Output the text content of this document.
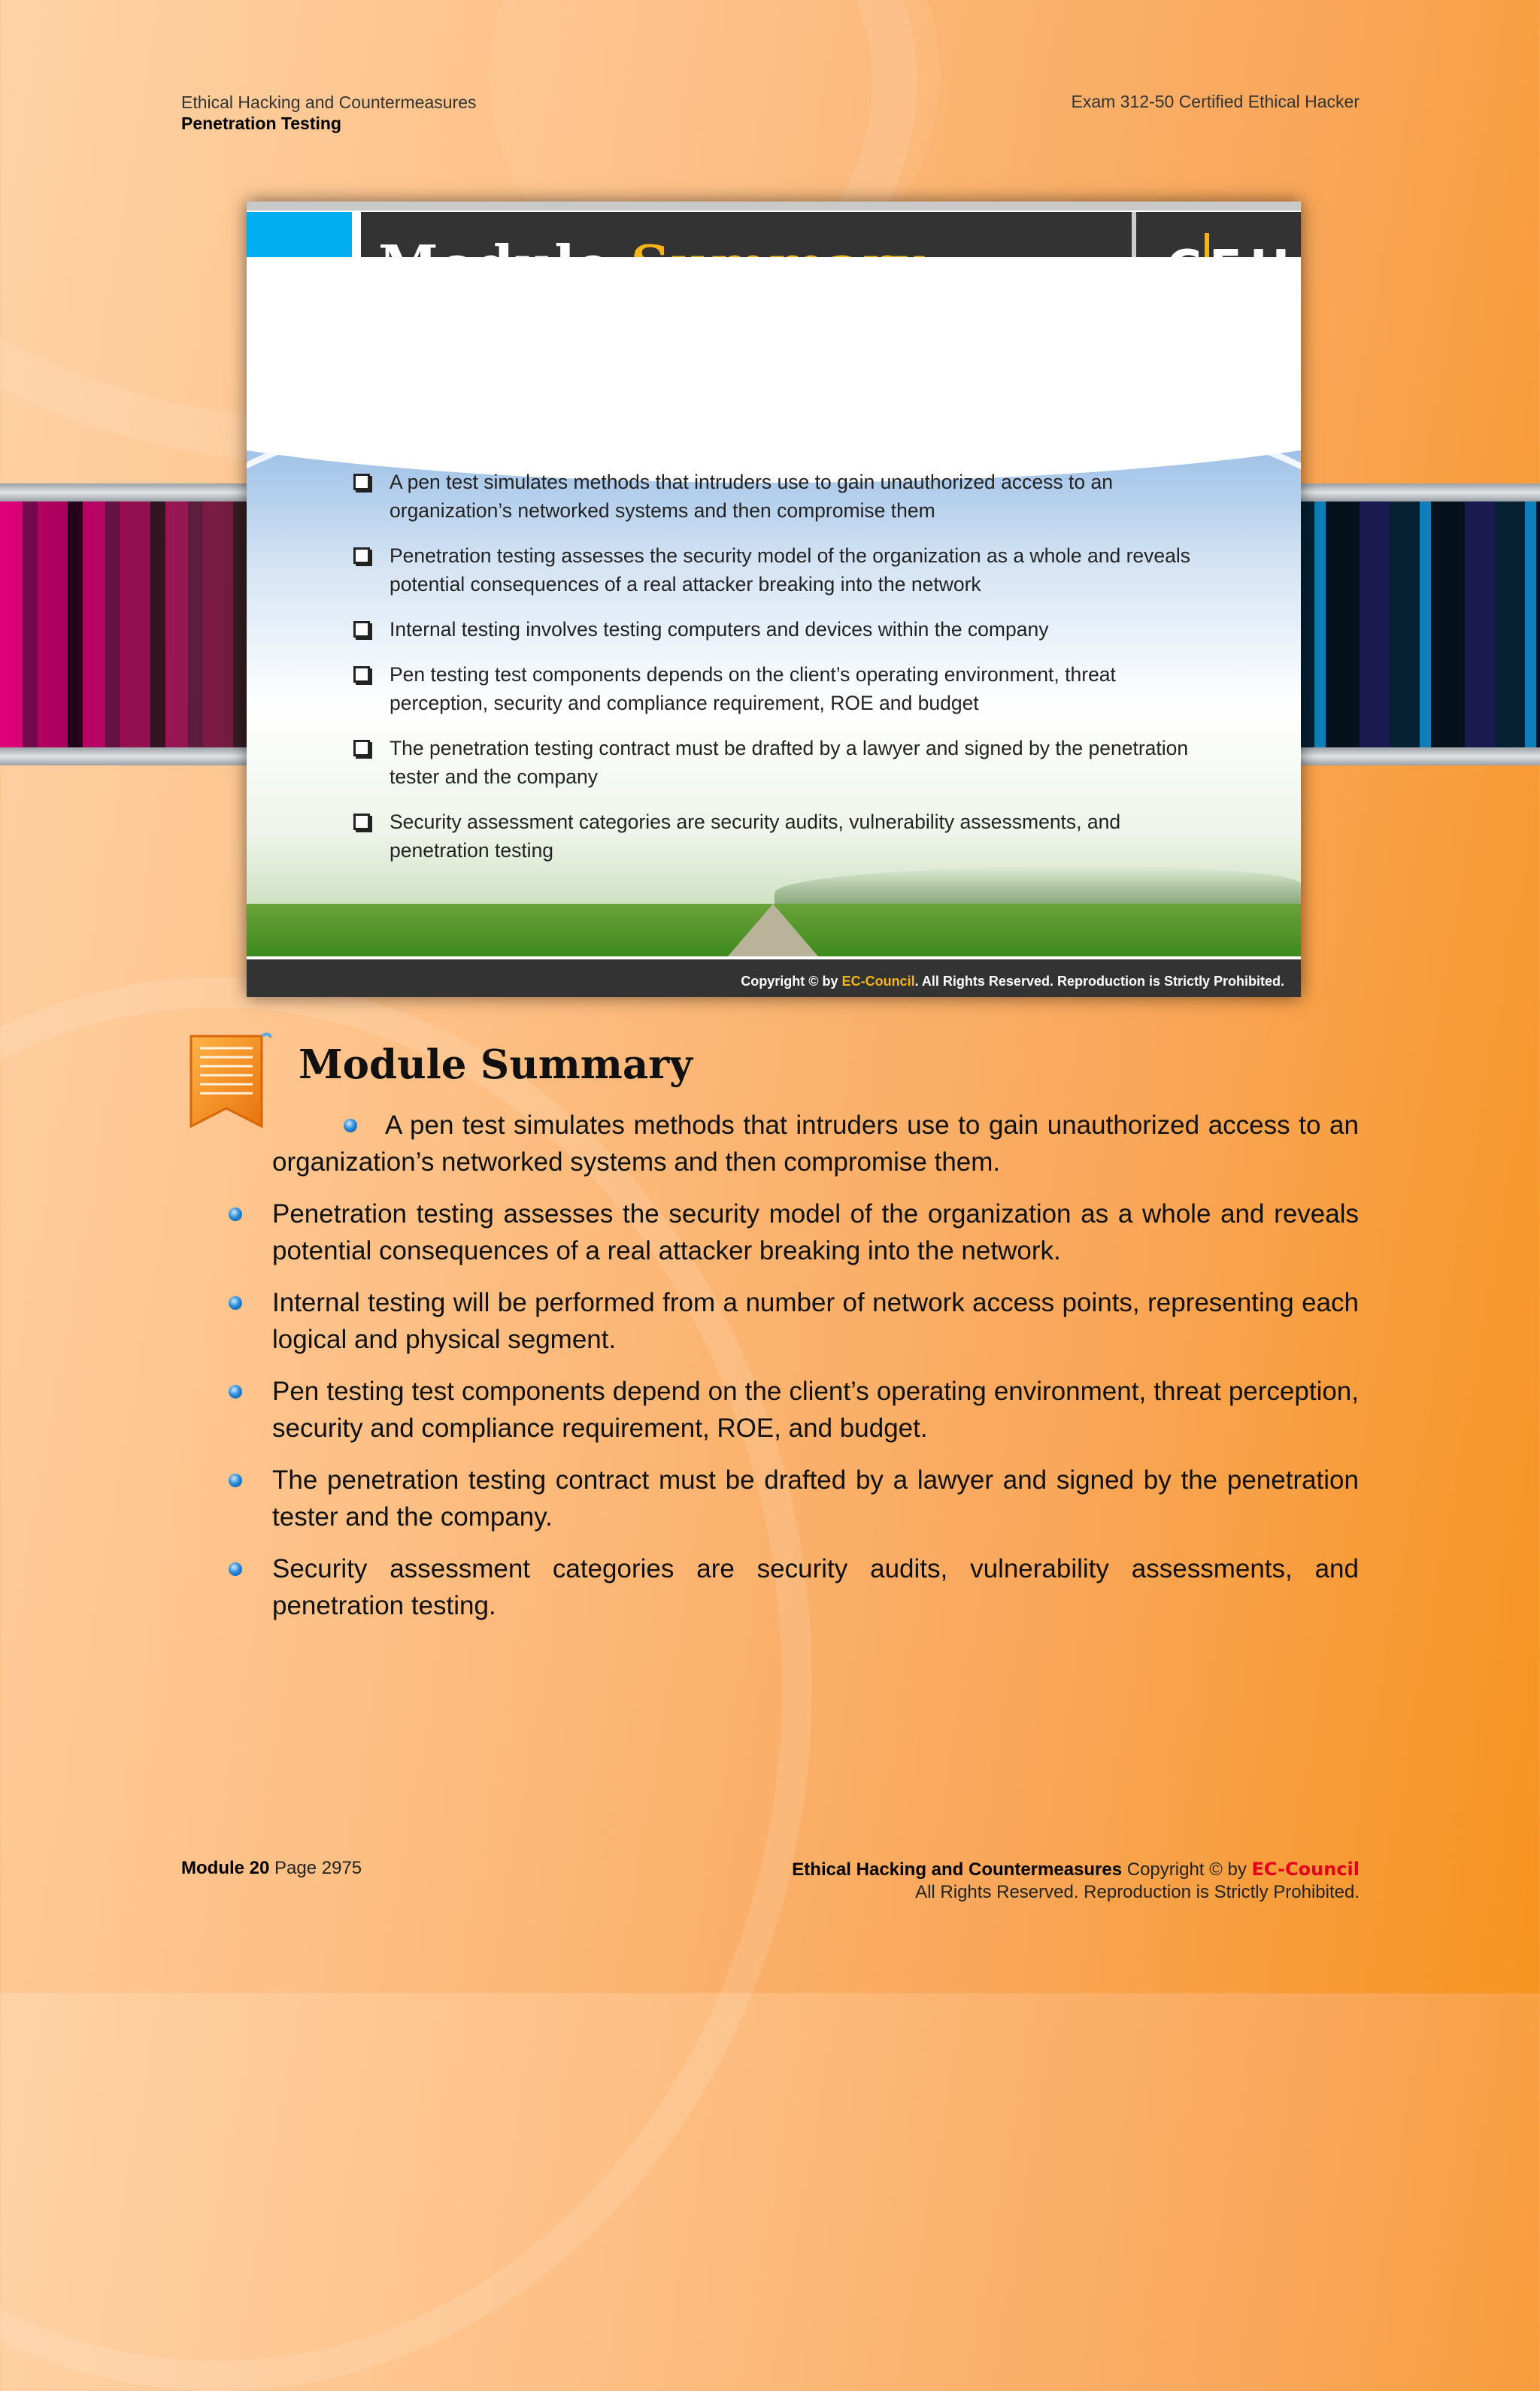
Ethical Hacking and Countermeasures
Penetration Testing
Exam 312-50 Certified Ethical Hacker
A pen test simulates methods that intruders use to gain unauthorized access to an organization’s networked systems and then compromise them
Penetration testing assesses the security model of the organization as a whole and reveals potential consequences of a real attacker breaking into the network
Internal testing involves testing computers and devices within the company
Pen testing test components depends on the client’s operating environment, threat perception, security and compliance requirement, ROE and budget
The penetration testing contract must be drafted by a lawyer and signed by the penetration tester and the company
Security assessment categories are security audits, vulnerability assessments, and penetration testing
Copyright © by EC-Council. All Rights Reserved. Reproduction is Strictly Prohibited.
Module Summary
A pen test simulates methods that intruders use to gain unauthorized access to an organization’s networked systems and then compromise them.
Penetration testing assesses the security model of the organization as a whole and reveals potential consequences of a real attacker breaking into the network.
Internal testing will be performed from a number of network access points, representing each logical and physical segment.
Pen testing test components depend on the client’s operating environment, threat perception, security and compliance requirement, ROE, and budget.
The penetration testing contract must be drafted by a lawyer and signed by the penetration tester and the company.
Security assessment categories are security audits, vulnerability assessments, and penetration testing.
Module 20 Page 2975	Ethical Hacking and Countermeasures Copyright © by EC-Council
All Rights Reserved. Reproduction is Strictly Prohibited.
